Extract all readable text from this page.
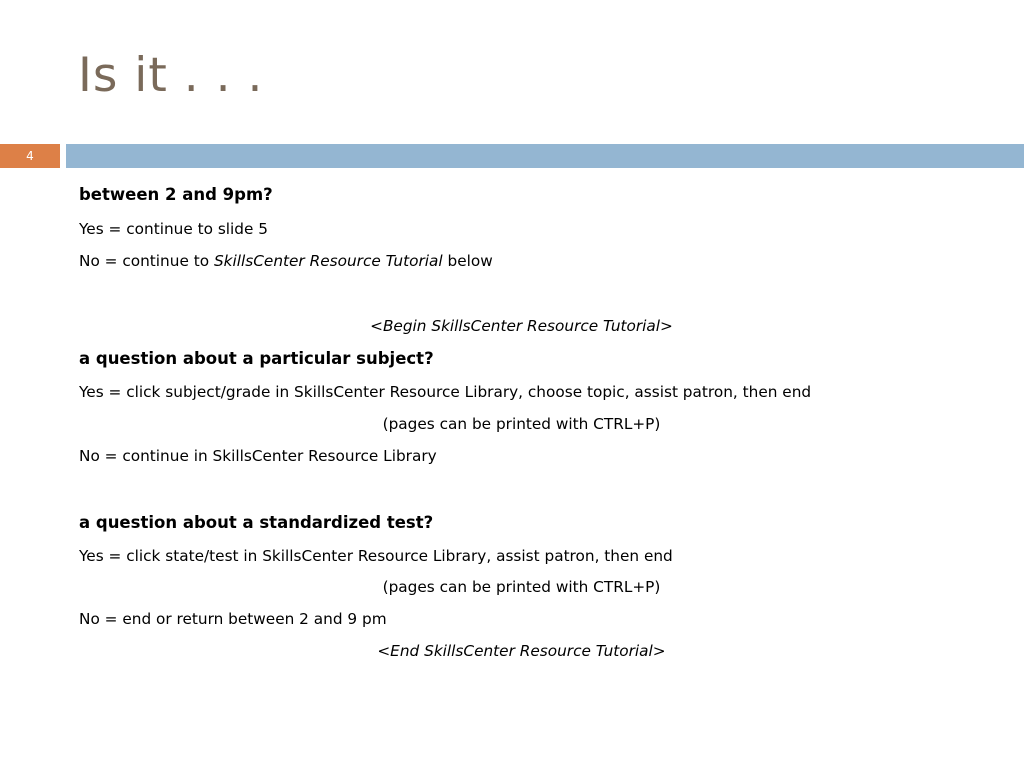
Is it . . .
4
between 2 and 9pm?
Yes = continue to slide 5
No = continue to SkillsCenter Resource Tutorial below
<Begin SkillsCenter Resource Tutorial>
a question about a particular subject?
Yes = click subject/grade in SkillsCenter Resource Library, choose topic, assist patron, then end
(pages can be printed with CTRL+P)
No = continue in SkillsCenter Resource Library
a question about a standardized test?
Yes = click state/test in SkillsCenter Resource Library, assist patron, then end
(pages can be printed with CTRL+P)
No = end or return between 2 and 9 pm
<End SkillsCenter Resource Tutorial>
